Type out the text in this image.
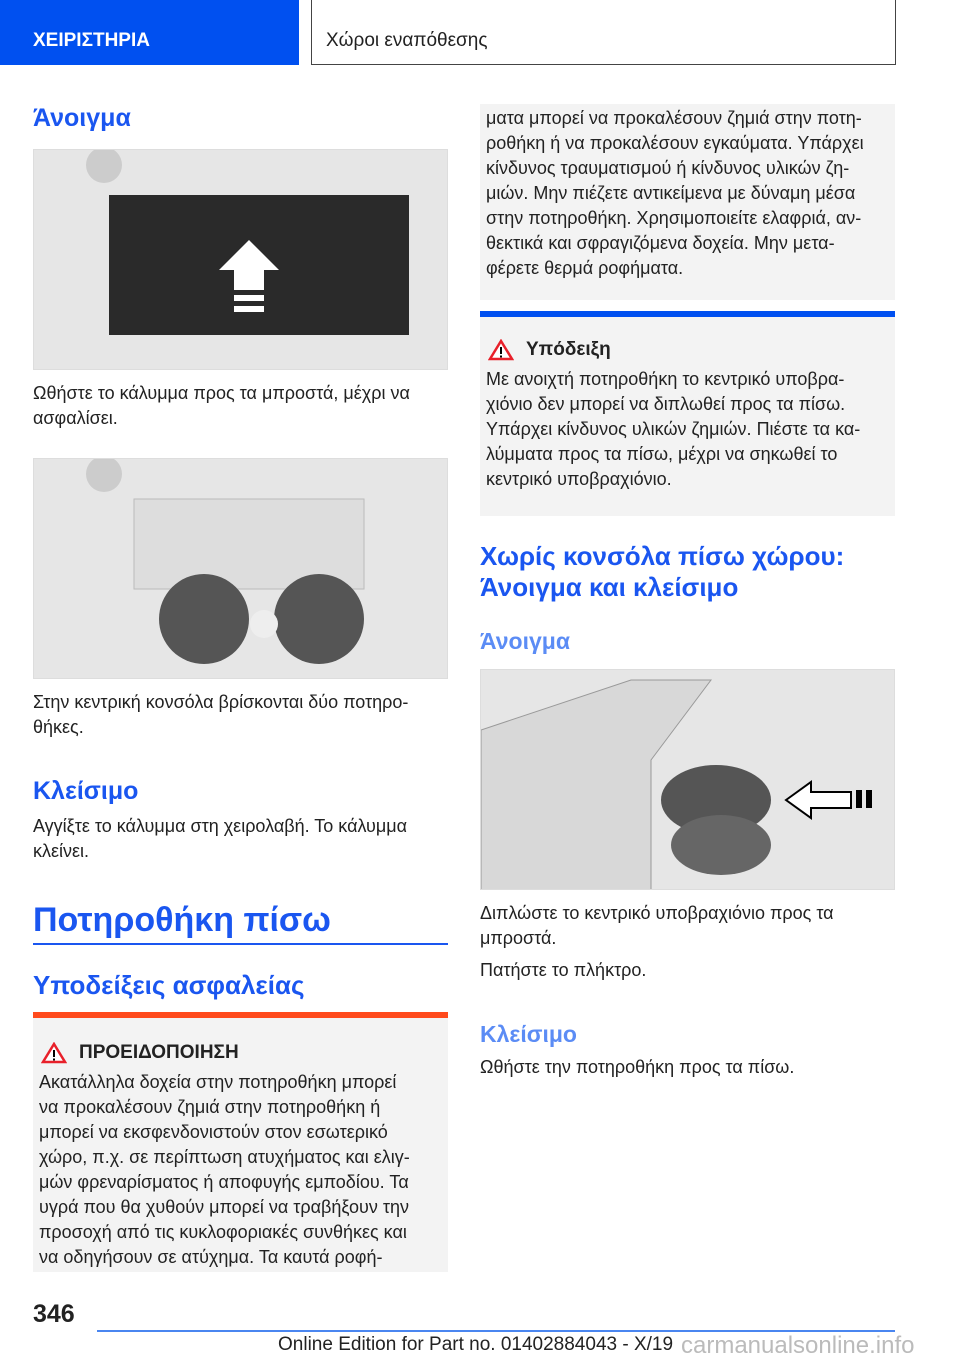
ΧΕΙΡΙΣΤΗΡΙΑ	Χώροι εναπόθεσης
Άνοιγμα
Ωθήστε το κάλυμμα προς τα μπροστά, μέχρι να
ασφαλίσει.
Στην κεντρική κονσόλα βρίσκονται δύο ποτηρο-
θήκες.
Κλείσιμο
Αγγίξτε το κάλυμμα στη χειρολαβή. Το κάλυμμα
κλείνει.
Ποτηροθήκη πίσω
Υποδείξεις ασφαλείας
ΠΡΟΕΙΔΟΠΟΙΗΣΗ
Ακατάλληλα δοχεία στην ποτηροθήκη μπορεί
να προκαλέσουν ζημιά στην ποτηροθήκη ή
μπορεί να εκσφενδονιστούν στον εσωτερικό
χώρο, π.χ. σε περίπτωση ατυχήματος και ελιγ-
μών φρεναρίσματος ή αποφυγής εμποδίου. Τα
υγρά που θα χυθούν μπορεί να τραβήξουν την
προσοχή από τις κυκλοφοριακές συνθήκες και
να οδηγήσουν σε ατύχημα. Τα καυτά ροφή-
ματα μπορεί να προκαλέσουν ζημιά στην ποτη-
ροθήκη ή να προκαλέσουν εγκαύματα. Υπάρχει
κίνδυνος τραυματισμού ή κίνδυνος υλικών ζη-
μιών. Μην πιέζετε αντικείμενα με δύναμη μέσα
στην ποτηροθήκη. Χρησιμοποιείτε ελαφριά, αν-
θεκτικά και σφραγιζόμενα δοχεία. Μην μετα-
φέρετε θερμά ροφήματα.
Υπόδειξη
Με ανοιχτή ποτηροθήκη το κεντρικό υποβρα-
χιόνιο δεν μπορεί να διπλωθεί προς τα πίσω.
Υπάρχει κίνδυνος υλικών ζημιών. Πιέστε τα κα-
λύμματα προς τα πίσω, μέχρι να σηκωθεί το
κεντρικό υποβραχιόνιο.
Χωρίς κονσόλα πίσω χώρου:
Άνοιγμα και κλείσιμο
Άνοιγμα
Διπλώστε το κεντρικό υποβραχιόνιο προς τα
μπροστά.
Πατήστε το πλήκτρο.
Κλείσιμο
Ωθήστε την ποτηροθήκη προς τα πίσω.
346
Online Edition for Part no. 01402884043 - X/19 carmanualsonline.info
